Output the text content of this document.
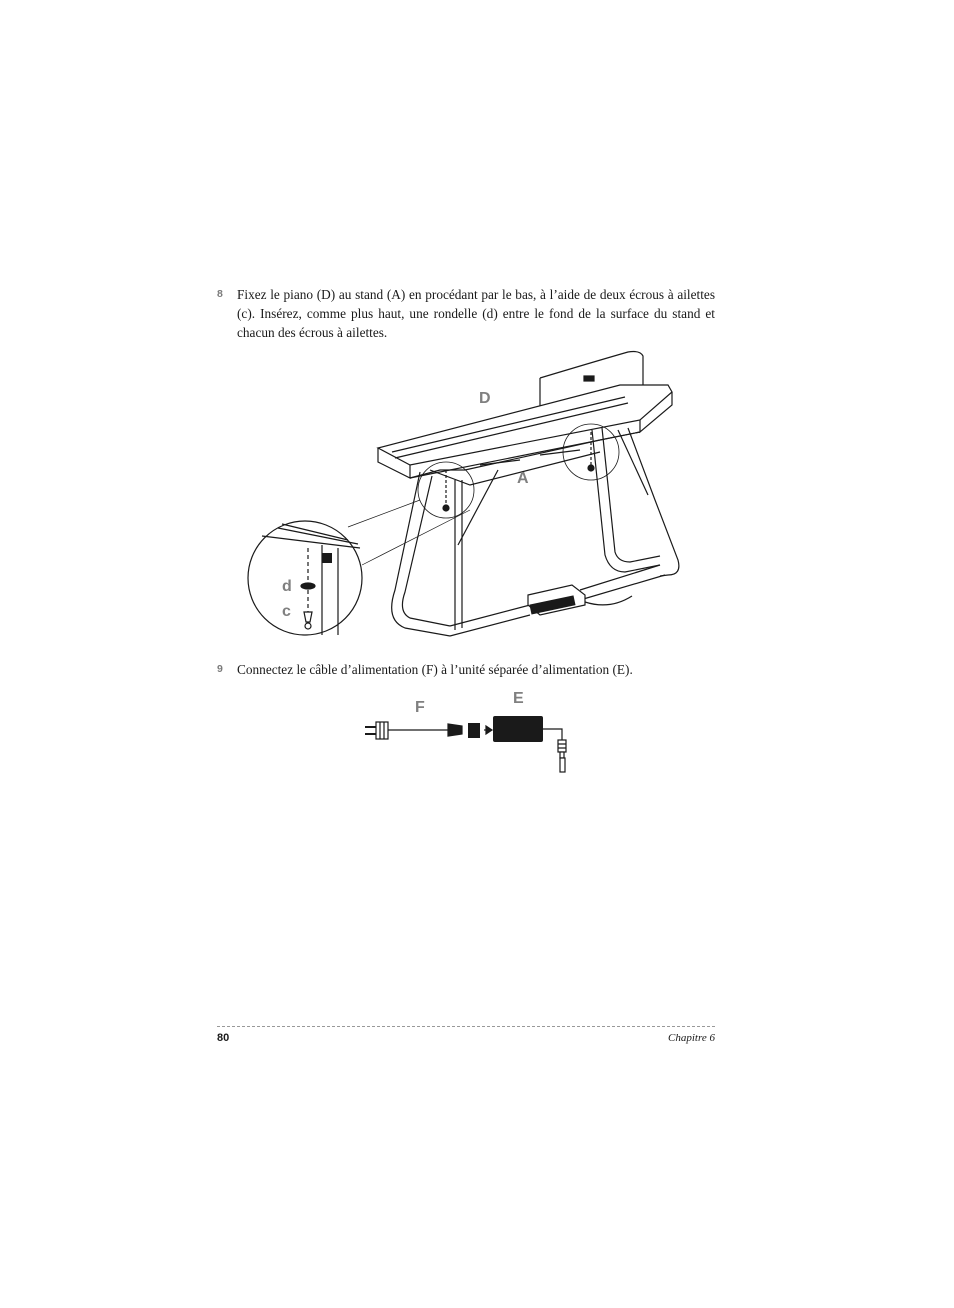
8 Fixez le piano (D) au stand (A) en procédant par le bas, à l’aide de deux écrous à ailettes (c). Insérez, comme plus haut, une rondelle (d) entre le fond de la surface du stand et chacun des écrous à ailettes.
D
A
d
c
F
E
9 Connectez le câble d’alimentation (F) à l’unité séparée d’alimentation (E).
80	Chapitre 6
